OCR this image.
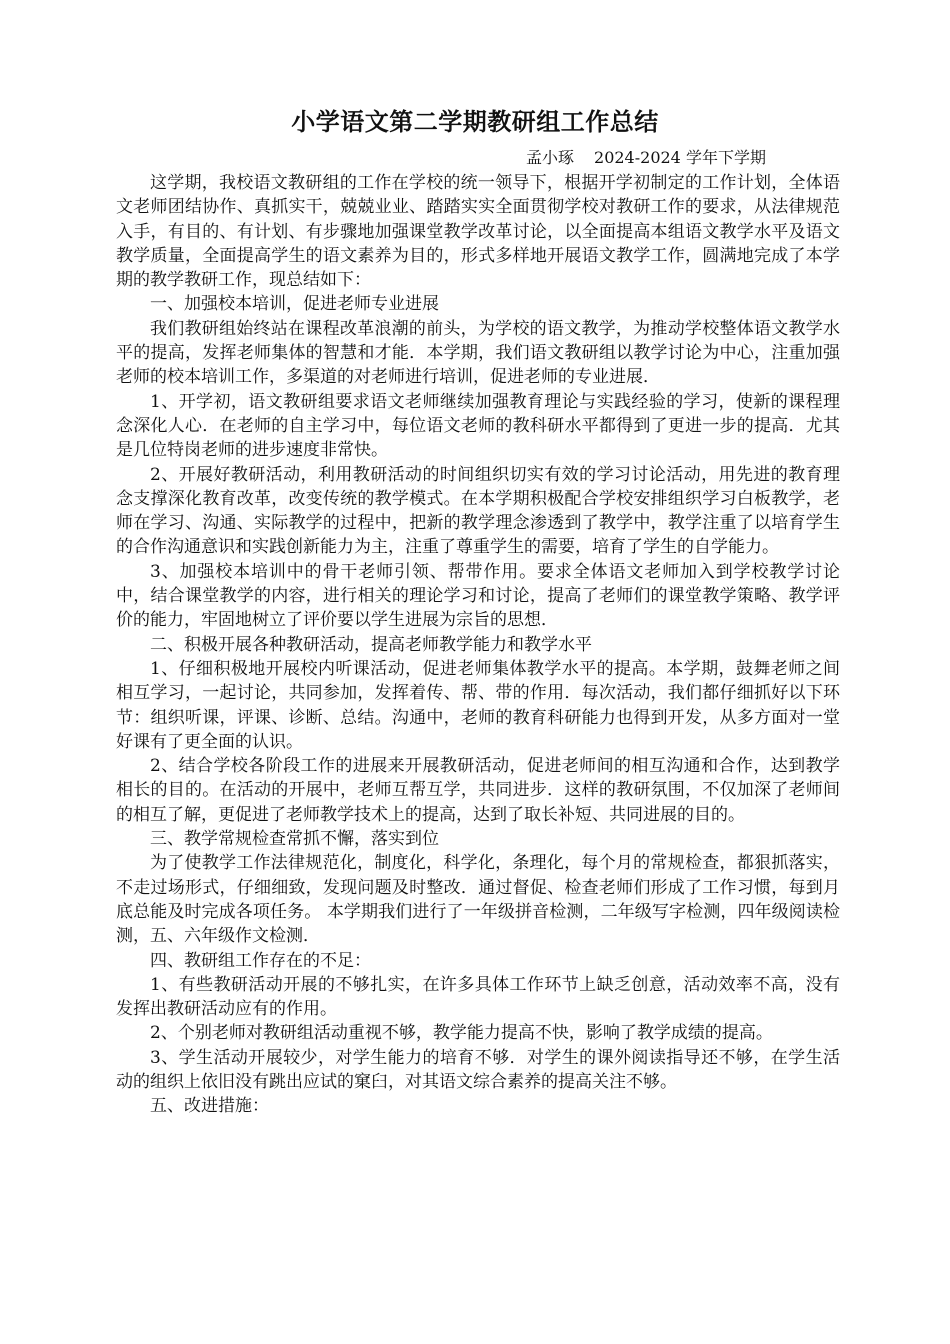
小学语文第二学期教研组工作总结
孟小琢 2024-2024 学年下学期

这学期，我校语文教研组的工作在学校的统一领导下，根据开学初制定的工作计划，全体语文老师团结协作、真抓实干，兢兢业业、踏踏实实全面贯彻学校对教研工作的要求，从法律规范入手，有目的、有计划、有步骤地加强课堂教学改革讨论，以全面提高本组语文教学水平及语文教学质量，全面提高学生的语文素养为目的，形式多样地开展语文教学工作，圆满地完成了本学期的教学教研工作，现总结如下：

一、加强校本培训，促进老师专业进展

我们教研组始终站在课程改革浪潮的前头，为学校的语文教学，为推动学校整体语文教学水平的提高，发挥老师集体的智慧和才能．本学期，我们语文教研组以教学讨论为中心，注重加强老师的校本培训工作，多渠道的对老师进行培训，促进老师的专业进展．

1、开学初，语文教研组要求语文老师继续加强教育理论与实践经验的学习，使新的课程理念深化人心．在老师的自主学习中，每位语文老师的教科研水平都得到了更进一步的提高．尤其是几位特岗老师的进步速度非常快。

2、开展好教研活动，利用教研活动的时间组织切实有效的学习讨论活动，用先进的教育理念支撑深化教育改革，改变传统的教学模式。在本学期积极配合学校安排组织学习白板教学，老师在学习、沟通、实际教学的过程中，把新的教学理念渗透到了教学中，教学注重了以培育学生的合作沟通意识和实践创新能力为主，注重了尊重学生的需要，培育了学生的自学能力。

3、加强校本培训中的骨干老师引领、帮带作用。要求全体语文老师加入到学校教学讨论中，结合课堂教学的内容，进行相关的理论学习和讨论，提高了老师们的课堂教学策略、教学评价的能力，牢固地树立了评价要以学生进展为宗旨的思想．

二、积极开展各种教研活动，提高老师教学能力和教学水平

1、仔细积极地开展校内听课活动，促进老师集体教学水平的提高。本学期，鼓舞老师之间相互学习，一起讨论，共同参加，发挥着传、帮、带的作用．每次活动，我们都仔细抓好以下环节：组织听课，评课、诊断、总结。沟通中，老师的教育科研能力也得到开发，从多方面对一堂好课有了更全面的认识。

2、结合学校各阶段工作的进展来开展教研活动，促进老师间的相互沟通和合作，达到教学相长的目的。在活动的开展中，老师互帮互学，共同进步．这样的教研氛围，不仅加深了老师间的相互了解，更促进了老师教学技术上的提高，达到了取长补短、共同进展的目的。

三、教学常规检查常抓不懈，落实到位

为了使教学工作法律规范化，制度化，科学化，条理化，每个月的常规检查，都狠抓落实，不走过场形式，仔细细致，发现问题及时整改．通过督促、检查老师们形成了工作习惯，每到月底总能及时完成各项任务。 本学期我们进行了一年级拼音检测，二年级写字检测，四年级阅读检测，五、六年级作文检测．

四、教研组工作存在的不足：

1、有些教研活动开展的不够扎实，在许多具体工作环节上缺乏创意，活动效率不高，没有发挥出教研活动应有的作用。

2、个别老师对教研组活动重视不够，教学能力提高不快，影响了教学成绩的提高。

3、学生活动开展较少，对学生能力的培育不够．对学生的课外阅读指导还不够，在学生活动的组织上依旧没有跳出应试的窠臼，对其语文综合素养的提高关注不够。

五、改进措施：
